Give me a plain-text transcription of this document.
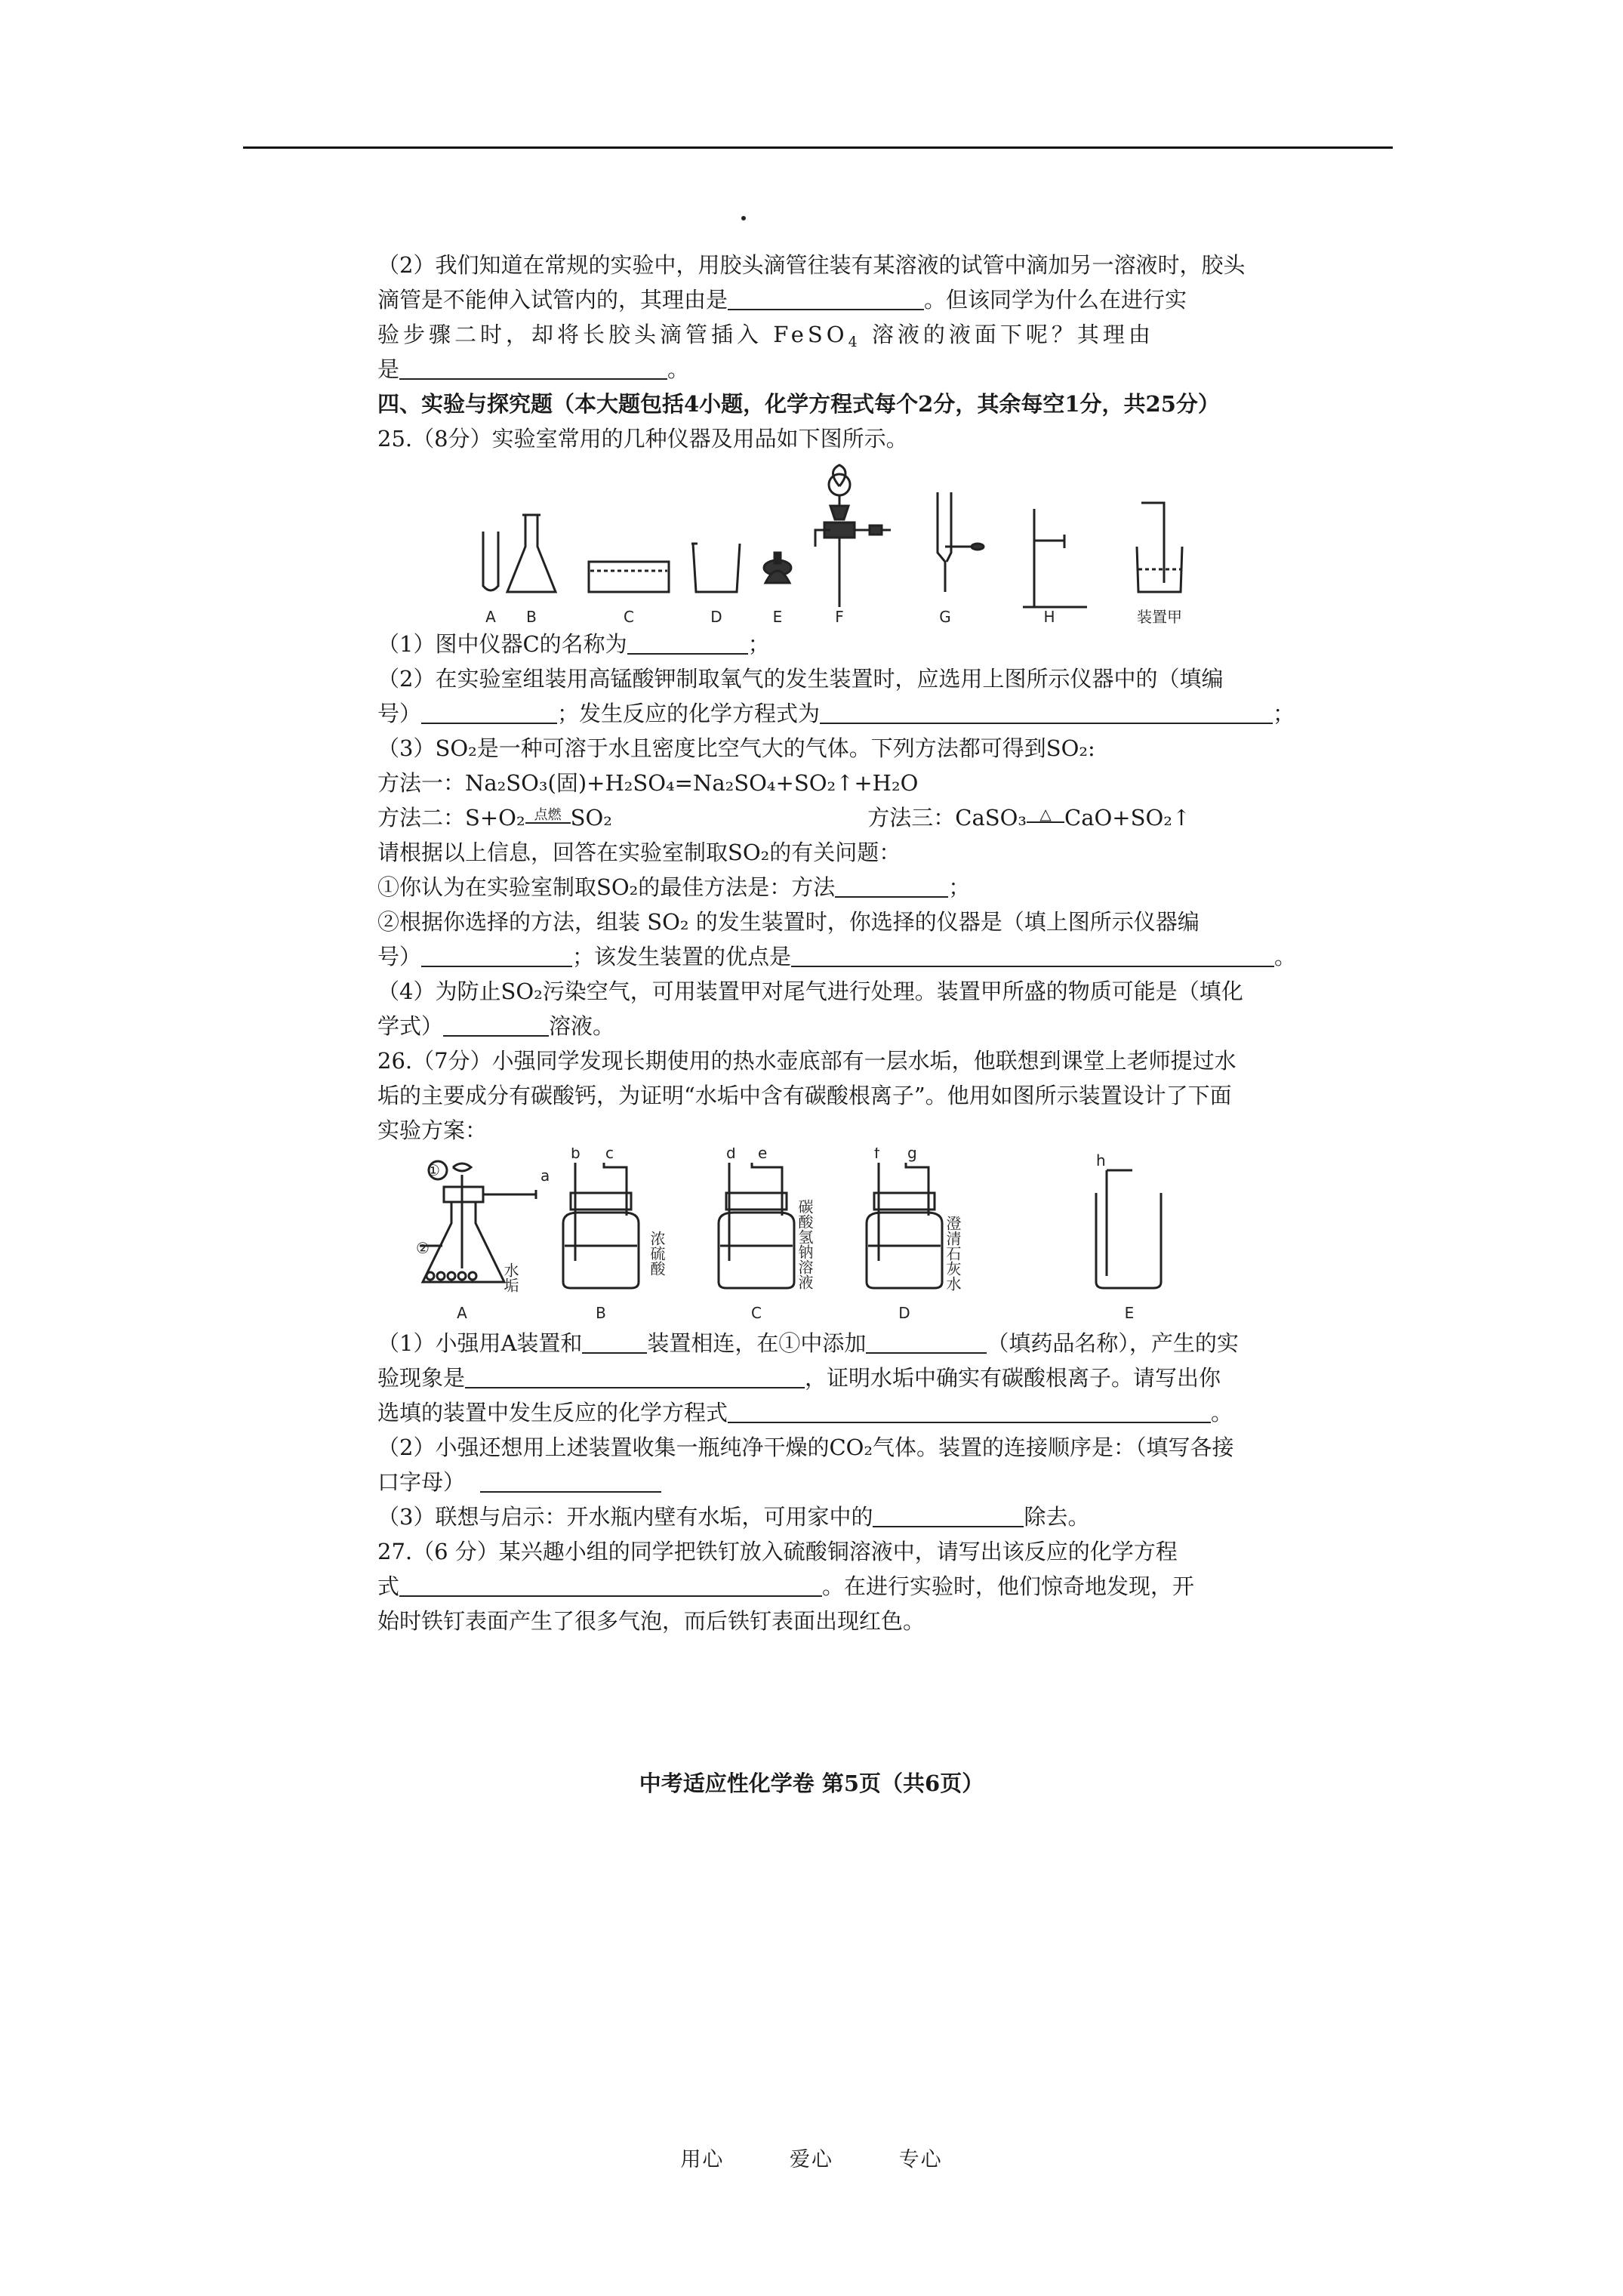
（2）我们知道在常规的实验中，用胶头滴管往装有某溶液的试管中滴加另一溶液时，胶头
滴管是不能伸入试管内的，其理由是	。但该同学为什么在进行实
验步骤二时，却将长胶头滴管插入 FeSO$_4$ 溶液的液面下呢？其理由
是	。
四、实验与探究题（本大题包括4小题，化学方程式每个2分，其余每空1分，共25分）
25.（8分）实验室常用的几种仪器及用品如下图所示。
A B	C	D	E	F	G	H	装置甲
（1）图中仪器C的名称为	；
（2）在实验室组装用高锰酸钾制取氧气的发生装置时，应选用上图所示仪器中的（填编
号）	；发生反应的化学方程式为	；
（3）SO₂是一种可溶于水且密度比空气大的气体。下列方法都可得到SO₂:
方法一：Na₂SO₃(固)+H₂SO₄=Na₂SO₄+SO₂↑+H₂O
方法二：S+O₂ 点燃 SO₂	方法三：CaSO₃ △ CaO+SO₂↑
请根据以上信息，回答在实验室制取SO₂的有关问题：
①你认为在实验室制取SO₂的最佳方法是：方法	；
②根据你选择的方法，组装 SO₂ 的发生装置时，你选择的仪器是（填上图所示仪器编
号）	；该发生装置的优点是	。
（4）为防止SO₂污染空气，可用装置甲对尾气进行处理。装置甲所盛的物质可能是（填化
学式）	溶液。
26.（7分）小强同学发现长期使用的热水壶底部有一层水垢，他联想到课堂上老师提过水
垢的主要成分有碳酸钙，为证明“水垢中含有碳酸根离子”。他用如图所示装置设计了下面
实验方案：
①
②
a
水垢
b c
浓硫酸
d e
碳酸氢钠溶液
f g
澄清石灰水
h
A	B	C	D	E
（1）小强用A装置和	装置相连，在①中添加	（填药品名称），产生的实
验现象是	，证明水垢中确实有碳酸根离子。请写出你
选填的装置中发生反应的化学方程式	。
（2）小强还想用上述装置收集一瓶纯净干燥的CO₂气体。装置的连接顺序是：（填写各接
口字母）
（3）联想与启示：开水瓶内壁有水垢，可用家中的	除去。
27.（6 分）某兴趣小组的同学把铁钉放入硫酸铜溶液中，请写出该反应的化学方程
式	。在进行实验时，他们惊奇地发现，开
始时铁钉表面产生了很多气泡，而后铁钉表面出现红色。
中考适应性化学卷 第5页（共6页）
用心	爱心	专心
